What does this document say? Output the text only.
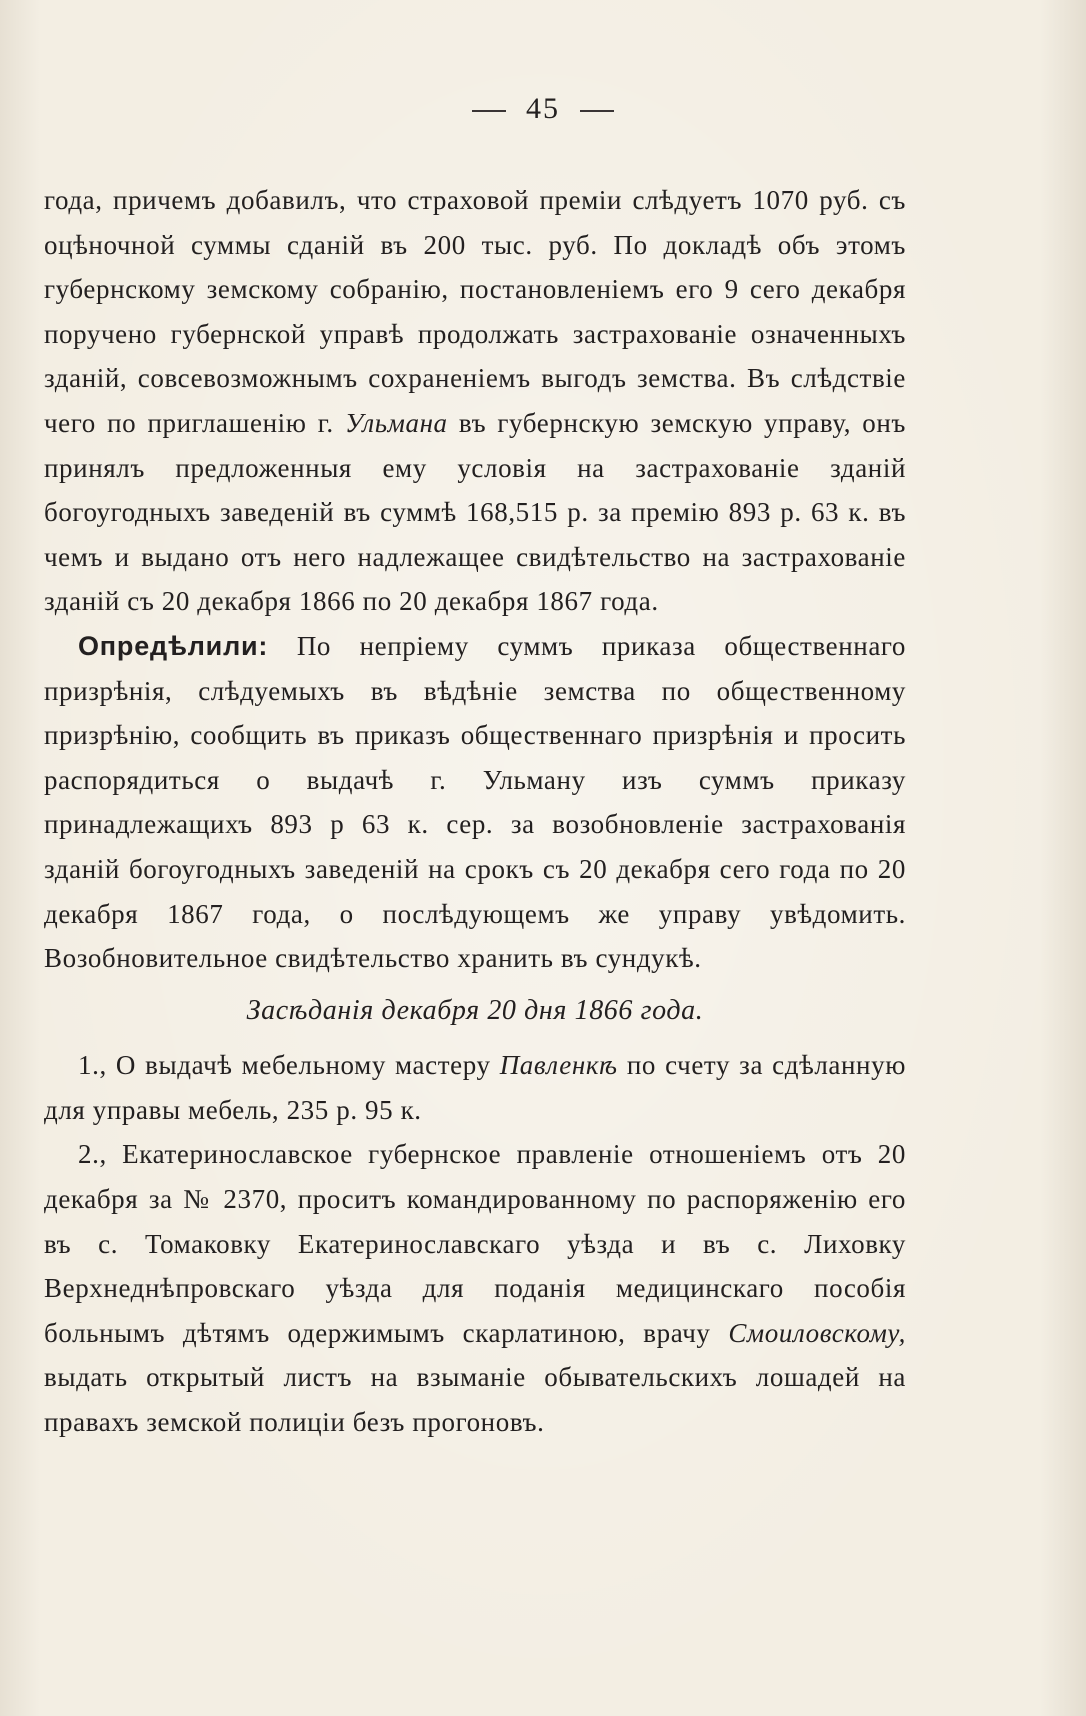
45

года, причемъ добавилъ, что страховой преміи слѣдуетъ 1070 руб. съ оцѣночной суммы сданій въ 200 тыс. руб. По докладѣ объ этомъ губернскому земскому собранію, постановленіемъ его 9 сего декабря поручено губернской управѣ продолжать застрахованіе означенныхъ зданій, совсевозможнымъ сохраненіемъ выгодъ земства. Въ слѣдствіе чего по приглашенію г. Ульмана въ губернскую земскую управу, онъ принялъ предложенныя ему условія на застрахованіе зданій богоугодныхъ заведеній въ суммѣ 168,515 р. за премію 893 р. 63 к. въ чемъ и выдано отъ него надлежащее свидѣтельство на застрахованіе зданій съ 20 декабря 1866 по 20 декабря 1867 года.

Опредѣлили: По непріему суммъ приказа общественнаго призрѣнія, слѣдуемыхъ въ вѣдѣніе земства по общественному призрѣнію, сообщить въ приказъ общественнаго призрѣнія и просить распорядиться о выдачѣ г. Ульману изъ суммъ приказу принадлежащихъ 893 р 63 к. сер. за возобновленіе застрахованія зданій богоугодныхъ заведеній на срокъ съ 20 декабря сего года по 20 декабря 1867 года, о послѣдующемъ же управу увѣдомить. Возобновительное свидѣтельство хранить въ сундукѣ.

Засѣданія декабря 20 дня 1866 года.

1., О выдачѣ мебельному мастеру Павленкѣ по счету за сдѣланную для управы мебель, 235 р. 95 к.

2., Екатеринославское губернское правленіе отношеніемъ отъ 20 декабря за № 2370, проситъ командированному по распоряженію его въ с. Томаковку Екатеринославскаго уѣзда и въ с. Лиховку Верхнеднѣпровскаго уѣзда для поданія медицинскаго пособія больнымъ дѣтямъ одержимымъ скарлатиною, врачу Смоиловскому, выдать открытый листъ на взыманіе обывательскихъ лошадей на правахъ земской полиціи безъ прогоновъ.
